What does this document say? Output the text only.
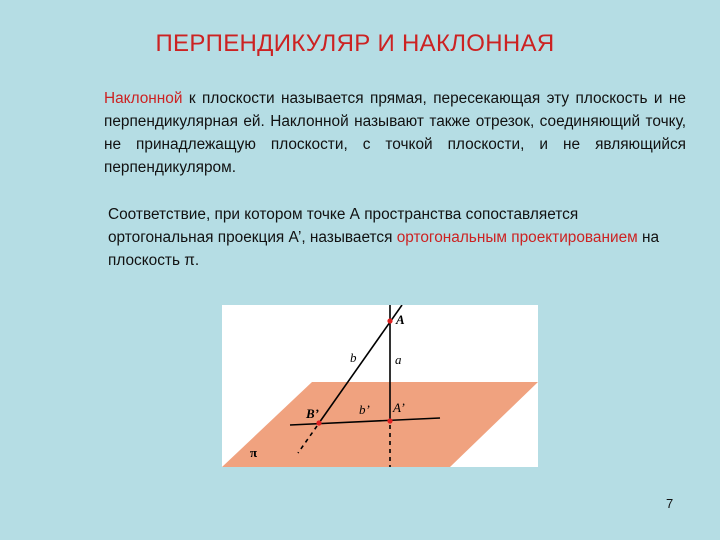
ПЕРПЕНДИКУЛЯР И НАКЛОННАЯ
Наклонной к плоскости называется прямая, пересекающая эту плоскость и не перпендикулярная ей. Наклонной называют также отрезок, соединяющий точку, не принадлежащую плоскости, с точкой плоскости, и не являющийся перпендикуляром.
Соответствие, при котором точке А пространства сопоставляется ортогональная проекция А’, называется ортогональным проектированием на плоскость π.
A
a
b
b’ A’
B’
π
7
